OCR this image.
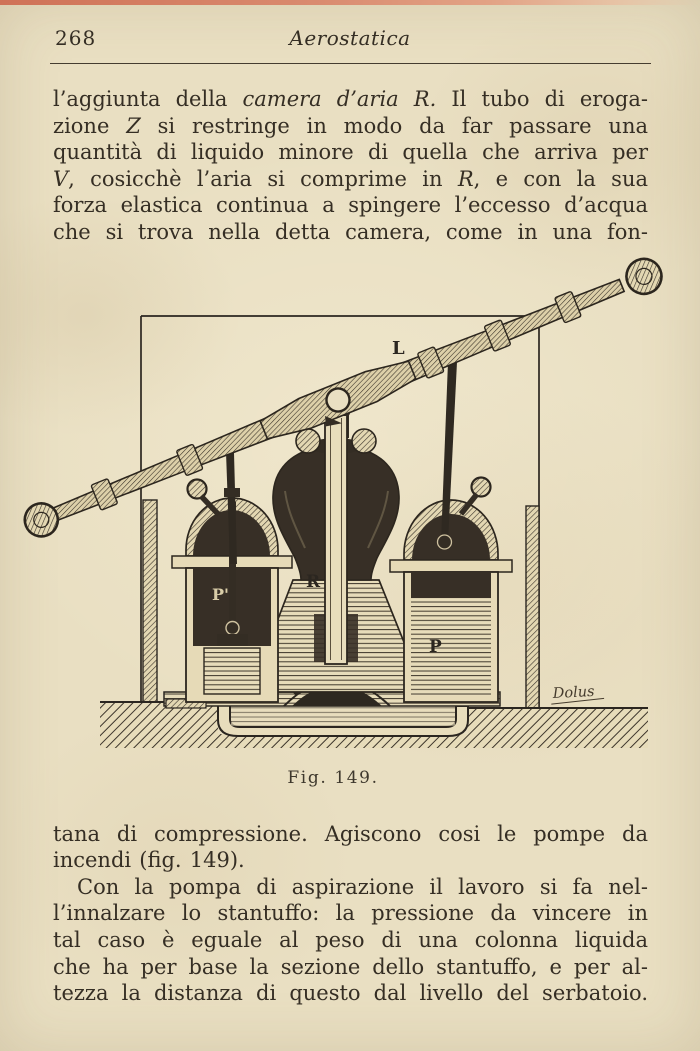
268	Aerostatica
l’aggiunta della camera d’aria R. Il tubo di eroga-
zione Z si restringe in modo da far passare una
quantità di liquido minore di quella che arriva per
V, cosicchè l’aria si comprime in R, e con la sua
forza elastica continua a spingere l’eccesso d’acqua
che si trova nella detta camera, come in una fon-
L
R
P'
P
Dolus
Fig. 149.
tana di compressione. Agiscono cosi le pompe da
incendi (fig. 149).
Con la pompa di aspirazione il lavoro si fa nel-
l’innalzare lo stantuffo: la pressione da vincere in
tal caso è eguale al peso di una colonna liquida
che ha per base la sezione dello stantuffo, e per al-
tezza la distanza di questo dal livello del serbatoio.
